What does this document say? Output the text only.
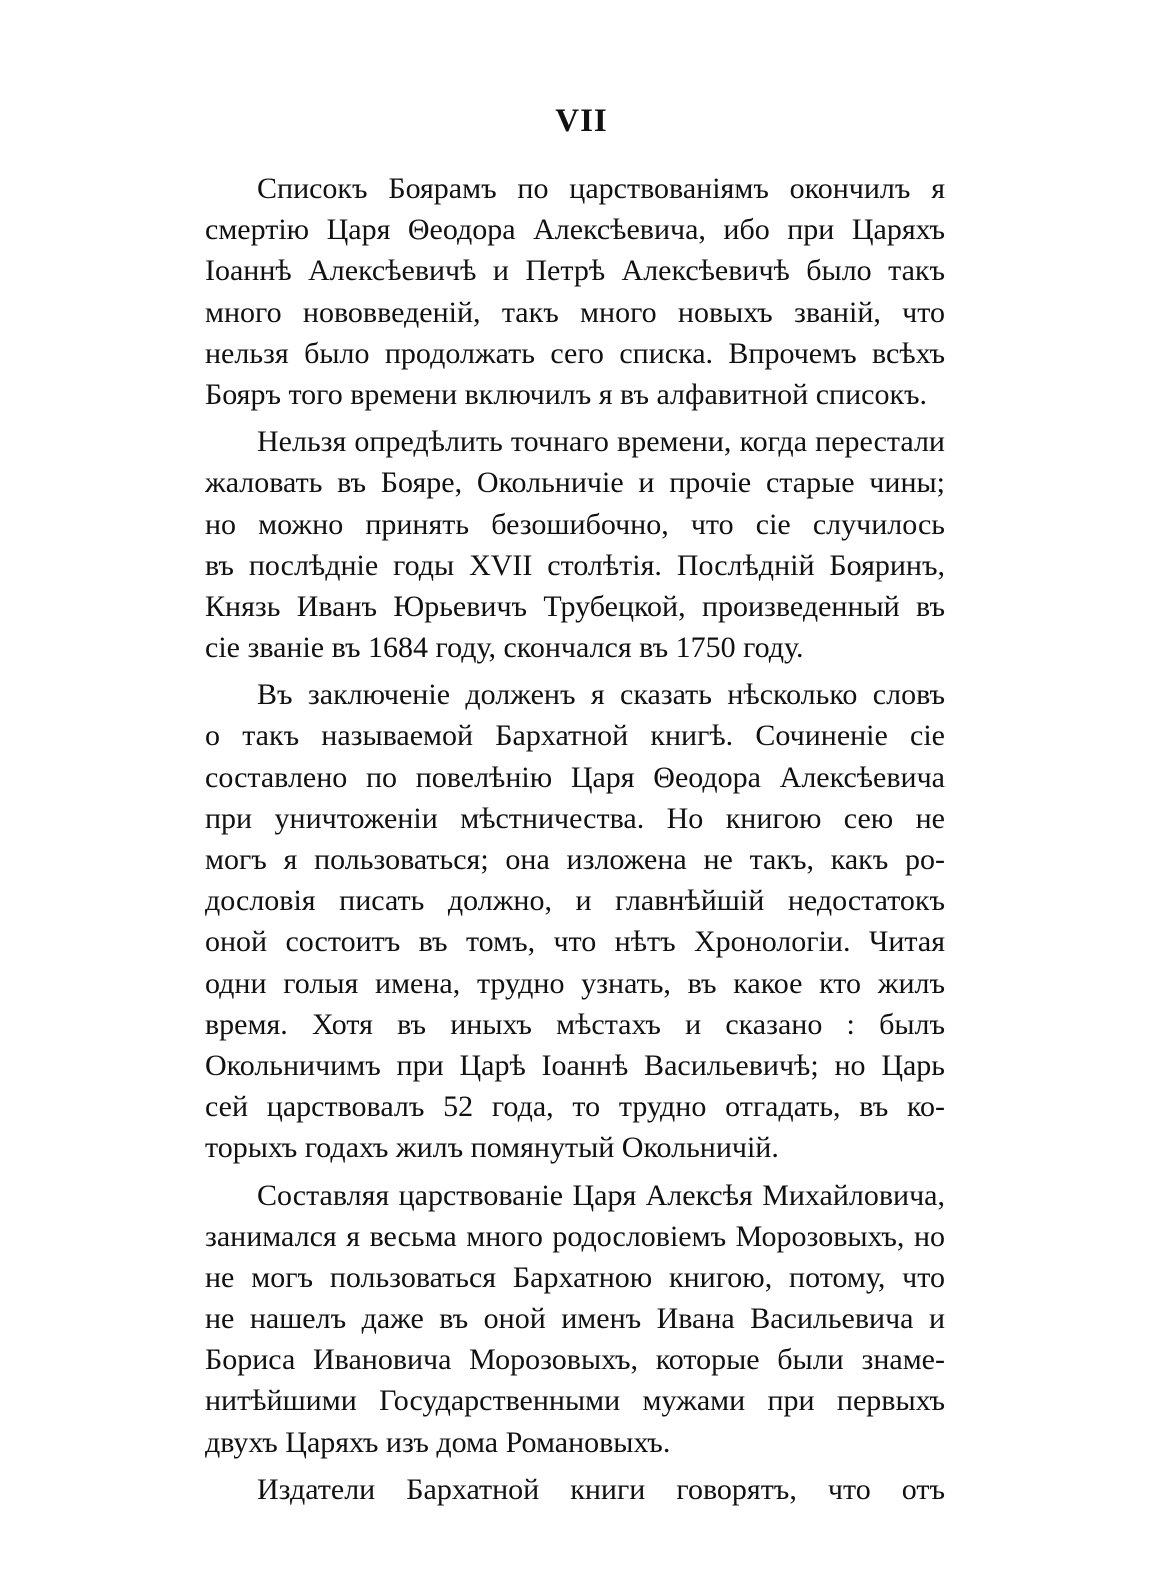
VII
Списокъ Боярамъ по царствованіямъ окончилъ я
смертію Царя Θеодора Алексѣевича, ибо при Царяхъ
Іоаннѣ Алексѣевичѣ и Петрѣ Алексѣевичѣ было такъ
много нововведеній, такъ много новыхъ званій, что
нельзя было продолжать сего списка. Впрочемъ всѣхъ
Бояръ того времени включилъ я въ алфавитной списокъ.
Нельзя опредѣлить точнаго времени, когда перестали
жаловать въ Бояре, Окольничіе и прочіе старые чины;
но можно принять безошибочно, что сіе случилось
въ послѣдніе годы XVII столѣтія. Послѣдній Бояринъ,
Князь Иванъ Юрьевичъ Трубецкой, произведенный въ
сіе званіе въ 1684 году, скончался въ 1750 году.
Въ заключеніе долженъ я сказать нѣсколько словъ
о такъ называемой Бархатной книгѣ. Сочиненіе сіе
составлено по повелѣнію Царя Θеодора Алексѣевича
при уничтоженіи мѣстничества. Но книгою сею не
могъ я пользоваться; она изложена не такъ, какъ ро-
дословія писать должно, и главнѣйшій недостатокъ
оной состоитъ въ томъ, что нѣтъ Хронологіи. Читая
одни голыя имена, трудно узнать, въ какое кто жилъ
время. Хотя въ иныхъ мѣстахъ и сказано : былъ
Окольничимъ при Царѣ Іоаннѣ Васильевичѣ; но Царь
сей царствовалъ 52 года, то трудно отгадать, въ ко-
торыхъ годахъ жилъ помянутый Окольничій.
Составляя царствованіе Царя Алексѣя Михайловича,
занимался я весьма много родословіемъ Морозовыхъ, но
не могъ пользоваться Бархатною книгою, потому, что
не нашелъ даже въ оной именъ Ивана Васильевича и
Бориса Ивановича Морозовыхъ, которые были знаме-
нитѣйшими Государственными мужами при первыхъ
двухъ Царяхъ изъ дома Романовыхъ.
Издатели Бархатной книги говорятъ, что отъ
